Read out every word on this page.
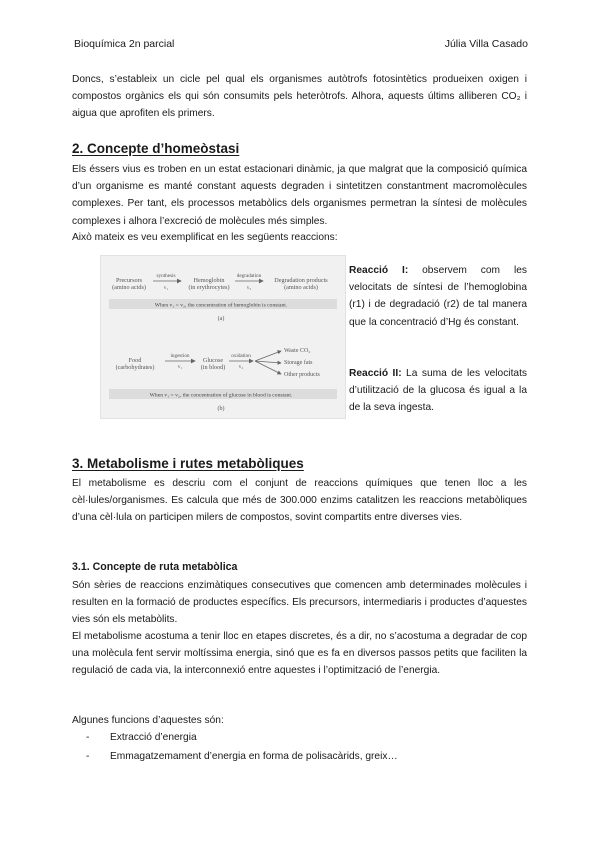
Bioquímica 2n parcial	Júlia Villa Casado

Doncs, s’estableix un cicle pel qual els organismes autòtrofs fotosintètics produeixen oxigen i compostos orgànics els qui són consumits pels heteròtrofs. Alhora, aquests últims alliberen CO₂ i aigua que aprofiten els primers.

2. Concepte d’homeòstasi

Els éssers vius es troben en un estat estacionari dinàmic, ja que malgrat que la composició química d’un organisme es manté constant aquests degraden i sintetitzen constantment macromolècules complexes. Per tant, els processos metabòlics dels organismes permetran la síntesi de molècules complexes i alhora l’excreció de molècules més simples.

Això mateix es veu exemplificat en les següents reaccions:

Precursors
(amino acids)
synthesis
v₁
Hemoglobin
(in erythrocytes)
degradation
v₂
Degradation products
(amino acids)
When v₁ = v₂, the concentration of hemoglobin is constant.
(a)
Food
(carbohydrates)
ingestion
v₁
Glucose
(in blood)
oxidation
v₂
Waste CO₂
Storage fats
Other products
When v₁ = v₂, the concentration of glucose in blood is constant.
(b)

Reacció I: observem com les velocitats de síntesi de l’hemoglobina (r1) i de degradació (r2) de tal manera que la concentració d’Hg és constant.

Reacció II: La suma de les velocitats d’utilització de la glucosa és igual a la de la seva ingesta.

3. Metabolisme i rutes metabòliques

El metabolisme es descriu com el conjunt de reaccions químiques que tenen lloc a les cèl·lules/organismes. Es calcula que més de 300.000 enzims catalitzen les reaccions metabòliques d’una cèl·lula on participen milers de compostos, sovint compartits entre diverses vies.

3.1. Concepte de ruta metabòlica

Són sèries de reaccions enzimàtiques consecutives que comencen amb determinades molècules i resulten en la formació de productes específics. Els precursors, intermediaris i productes d’aquestes vies són els metabòlits.

El metabolisme acostuma a tenir lloc en etapes discretes, és a dir, no s’acostuma a degradar de cop una molècula fent servir moltíssima energia, sinó que es fa en diversos passos petits que faciliten la regulació de cada via, la interconnexió entre aquestes i l’optimització de l’energia.

Algunes funcions d’aquestes són:

- Extracció d’energia
- Emmagatzemament d’energia en forma de polisacàrids, greix…
